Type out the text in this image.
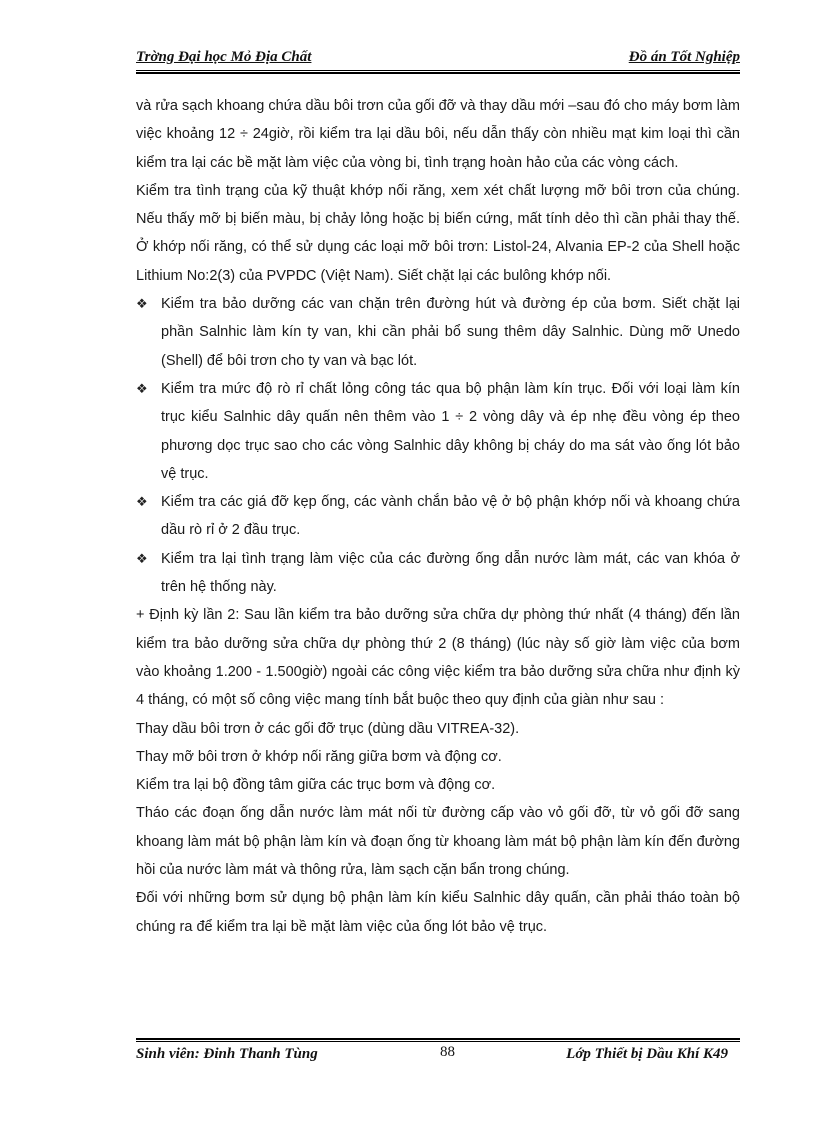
Trờng Đại học Mỏ Địa Chất	Đồ án Tốt Nghiệp

và rửa sạch khoang chứa dầu bôi trơn của gối đỡ và thay dầu mới –sau đó cho máy bơm làm việc khoảng 12 ÷ 24giờ, rồi kiểm tra lại dầu bôi, nếu dẫn thấy còn nhiều mạt kim loại thì cần kiểm tra lại các bề mặt làm việc của vòng bi, tình trạng hoàn hảo của các vòng cách.

Kiểm tra tình trạng của kỹ thuật khớp nối răng, xem xét chất lượng mỡ bôi trơn của chúng. Nếu thấy mỡ bị biến màu, bị chảy lỏng hoặc bị biến cứng, mất tính dẻo thì cần phải thay thế. Ở khớp nối răng, có thể sử dụng các loại mỡ bôi trơn: Listol-24, Alvania EP-2 của Shell hoặc Lithium No:2(3) của PVPDC (Việt Nam). Siết chặt lại các bulông khớp nối.

❖ Kiểm tra bảo dưỡng các van chặn trên đường hút và đường ép của bơm. Siết chặt lại phần Salnhic làm kín ty van, khi cần phải bổ sung thêm dây Salnhic. Dùng mỡ Unedo (Shell) để bôi trơn cho ty van và bạc lót.

❖ Kiểm tra mức độ rò rỉ chất lỏng công tác qua bộ phận làm kín trục. Đối với loại làm kín trục kiểu Salnhic dây quấn nên thêm vào 1 ÷ 2 vòng dây và ép nhẹ đều vòng ép theo phương dọc trục sao cho các vòng Salnhic dây không bị cháy do ma sát vào ống lót bảo vệ trục.

❖ Kiểm tra các giá đỡ kẹp ống, các vành chắn bảo vệ ở bộ phận khớp nối và khoang chứa dầu rò rỉ ở 2 đầu trục.

❖ Kiểm tra lại tình trạng làm việc của các đường ống dẫn nước làm mát, các van khóa ở trên hệ thống này.

+ Định kỳ lần 2: Sau lần kiểm tra bảo dưỡng sửa chữa dự phòng thứ nhất (4 tháng) đến lần kiểm tra bảo dưỡng sửa chữa dự phòng thứ 2 (8 tháng) (lúc này số giờ làm việc của bơm vào khoảng 1.200 - 1.500giờ) ngoài các công việc kiểm tra bảo dưỡng sửa chữa như định kỳ 4 tháng, có một số công việc mang tính bắt buộc theo quy định của giàn như sau :

Thay dầu bôi trơn ở các gối đỡ trục (dùng dầu VITREA-32).

Thay mỡ bôi trơn ở khớp nối răng giữa bơm và động cơ.

Kiểm tra lại bộ đồng tâm giữa các trục bơm và động cơ.

Tháo các đoạn ống dẫn nước làm mát nối từ đường cấp vào vỏ gối đỡ, từ vỏ gối đỡ sang khoang làm mát bộ phận làm kín và đoạn ống từ khoang làm mát bộ phận làm kín đến đường hồi của nước làm mát và thông rửa, làm sạch cặn bẩn trong chúng.

Đối với những bơm sử dụng bộ phận làm kín kiểu Salnhic dây quấn, cần phải tháo toàn bộ chúng ra để kiểm tra lại bề mặt làm việc của ống lót bảo vệ trục.

Sinh viên: Đinh Thanh Tùng	88	Lớp Thiết bị Dầu Khí K49
